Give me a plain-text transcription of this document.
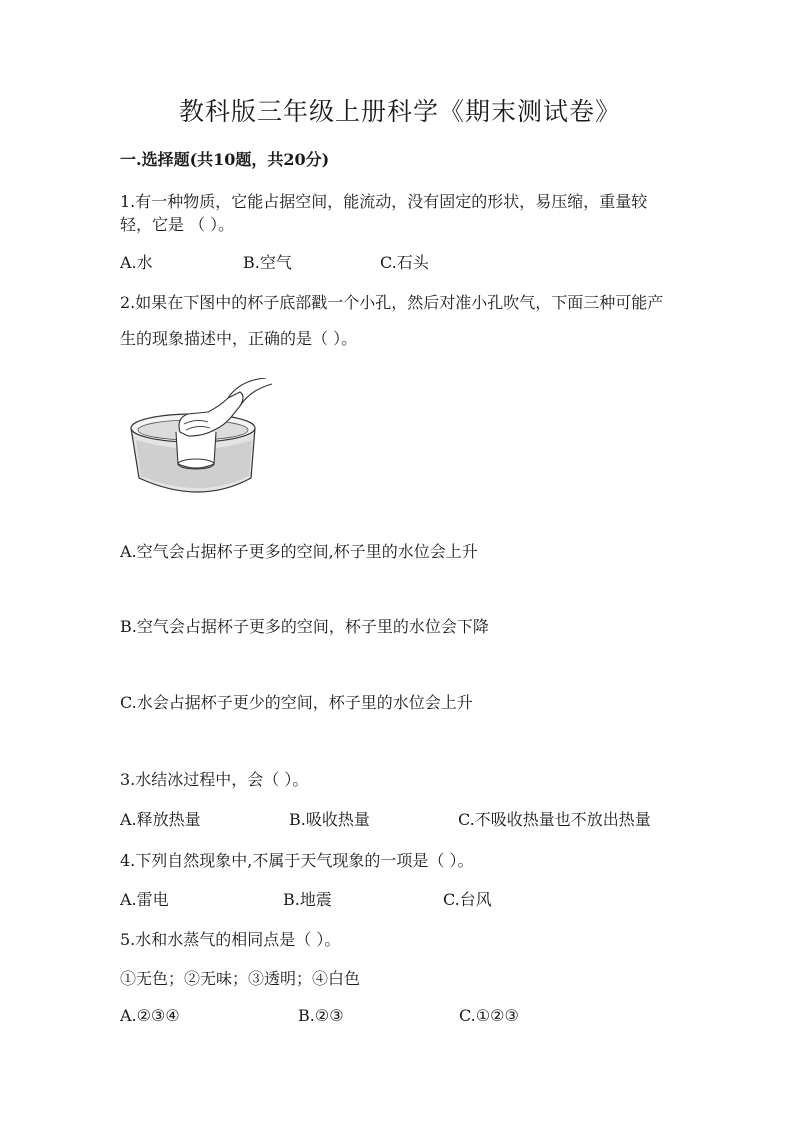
教科版三年级上册科学《期末测试卷》
一.选择题(共10题，共20分)
1.有一种物质，它能占据空间，能流动，没有固定的形状，易压缩，重量较
轻，它是 （ ）。
A.水	B.空气	C.石头
2.如果在下图中的杯子底部戳一个小孔，然后对准小孔吹气，下面三种可能产
生的现象描述中，正确的是（ ）。
A.空气会占据杯子更多的空间,杯子里的水位会上升
B.空气会占据杯子更多的空间，杯子里的水位会下降
C.水会占据杯子更少的空间，杯子里的水位会上升
3.水结冰过程中，会（ ）。
A.释放热量	B.吸收热量	C.不吸收热量也不放出热量
4.下列自然现象中,不属于天气现象的一项是（ ）。
A.雷电	B.地震	C.台风
5.水和水蒸气的相同点是（ ）。
①无色；②无味；③透明；④白色
A.②③④	B.②③	C.①②③
